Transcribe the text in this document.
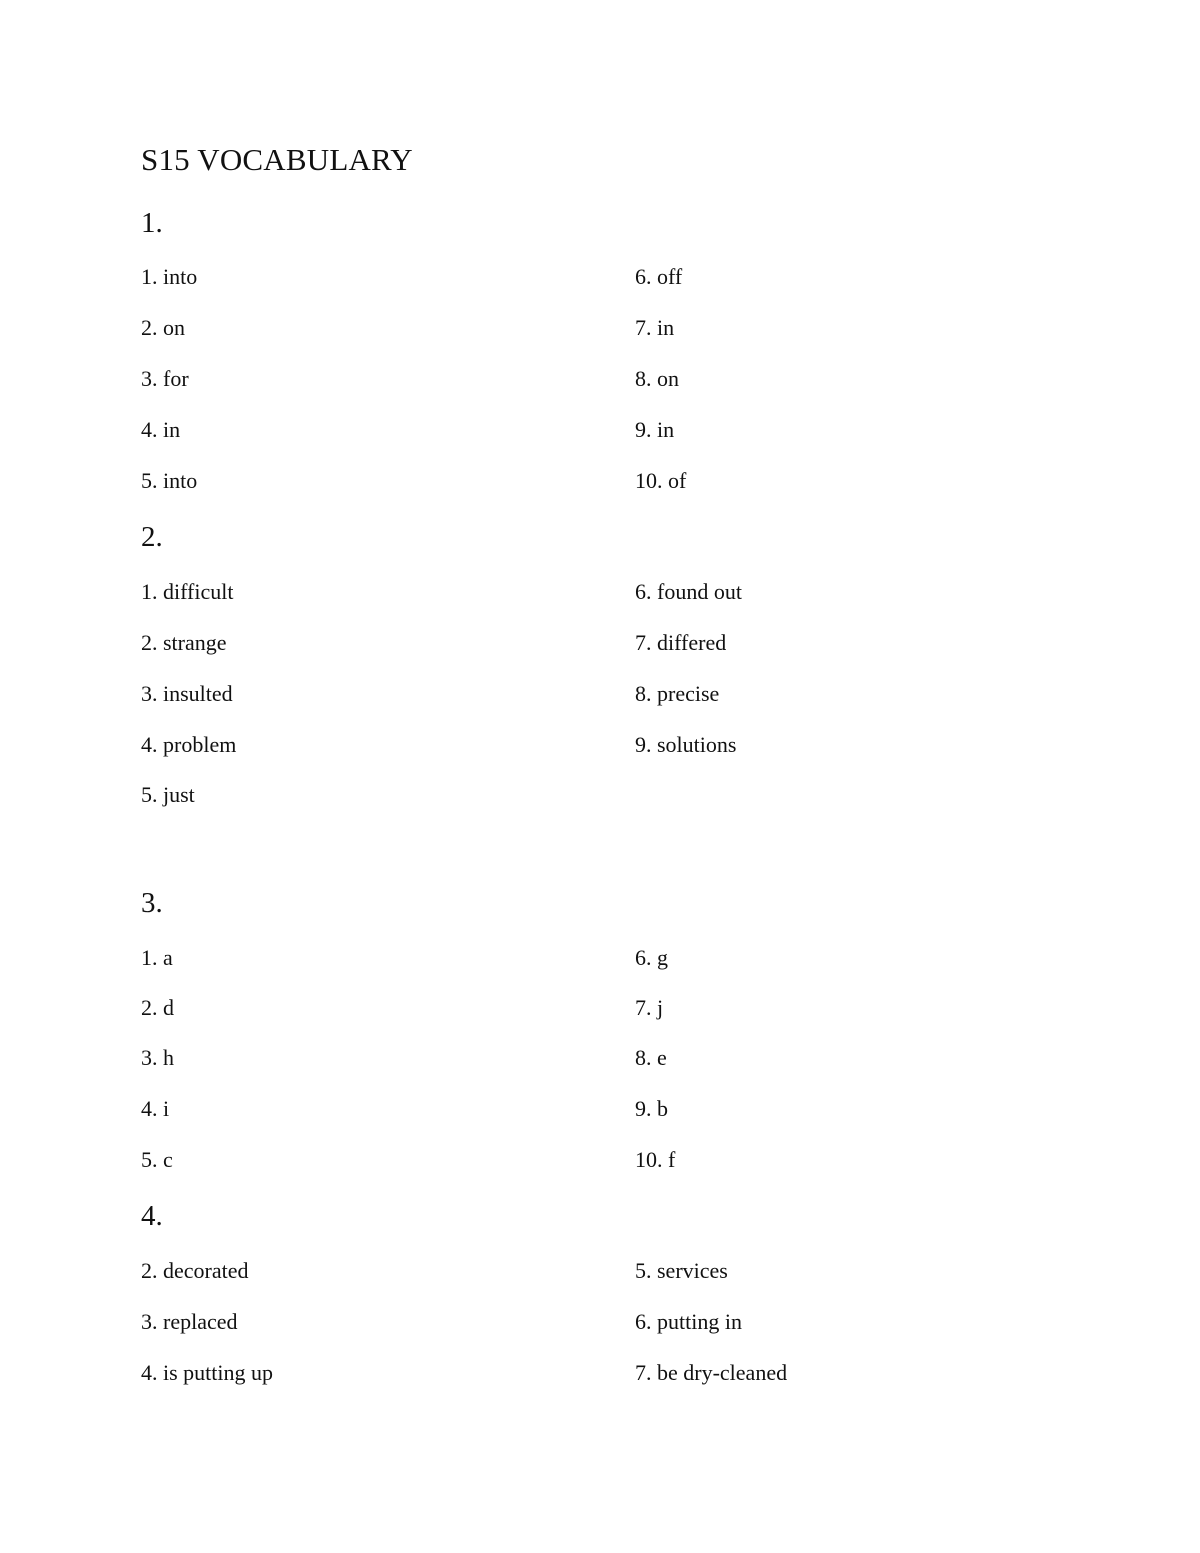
S15 VOCABULARY
1.
1. into	6. off
2. on	7. in
3. for	8. on
4. in	9. in
5. into	10. of
2.
1. difficult	6. found out
2. strange	7. differed
3. insulted	8. precise
4. problem	9. solutions
5. just
3.
1. a	6. g
2. d	7. j
3. h	8. e
4. i	9. b
5. c	10. f
4.
2. decorated	5. services
3. replaced	6. putting in
4. is putting up	7. be dry-cleaned
